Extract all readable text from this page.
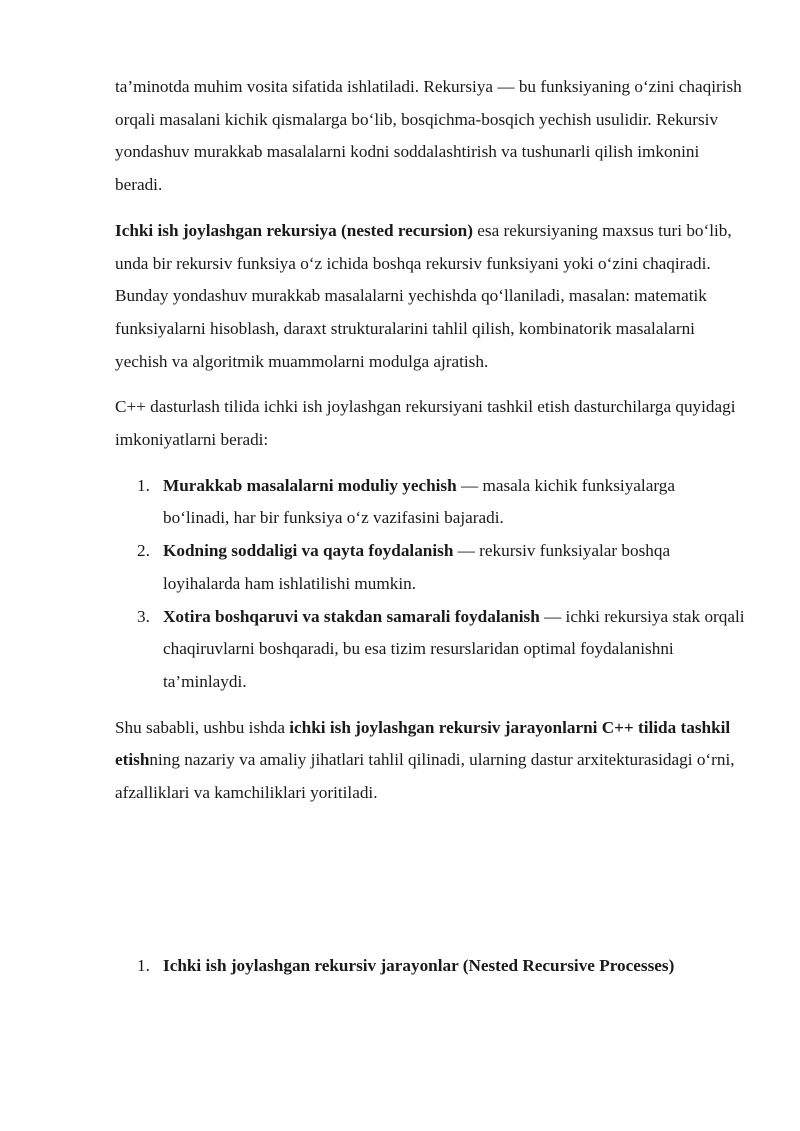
ta’minotda muhim vosita sifatida ishlatiladi. Rekursiya — bu funksiyaning o‘zini chaqirish orqali masalani kichik qismalarga bo‘lib, bosqichma-bosqich yechish usulidir. Rekursiv yondashuv murakkab masalalarni kodni soddalashtirish va tushunarli qilish imkonini beradi.

Ichki ish joylashgan rekursiya (nested recursion) esa rekursiyaning maxsus turi bo‘lib, unda bir rekursiv funksiya o‘z ichida boshqa rekursiv funksiyani yoki o‘zini chaqiradi. Bunday yondashuv murakkab masalalarni yechishda qo‘llaniladi, masalan: matematik funksiyalarni hisoblash, daraxt strukturalarini tahlil qilish, kombinatorik masalalarni yechish va algoritmik muammolarni modulga ajratish.

C++ dasturlash tilida ichki ish joylashgan rekursiyani tashkil etish dasturchilarga quyidagi imkoniyatlarni beradi:

1. Murakkab masalalarni moduliy yechish — masala kichik funksiyalarga bo‘linadi, har bir funksiya o‘z vazifasini bajaradi.
2. Kodning soddaligi va qayta foydalanish — rekursiv funksiyalar boshqa loyihalarda ham ishlatilishi mumkin.
3. Xotira boshqaruvi va stakdan samarali foydalanish — ichki rekursiya stak orqali chaqiruvlarni boshqaradi, bu esa tizim resurslaridan optimal foydalanishni ta’minlaydi.

Shu sababli, ushbu ishda ichki ish joylashgan rekursiv jarayonlarni C++ tilida tashkil etishning nazariy va amaliy jihatlari tahlil qilinadi, ularning dastur arxitekturasidagi o‘rni, afzalliklari va kamchiliklari yoritiladi.

1. Ichki ish joylashgan rekursiv jarayonlar (Nested Recursive Processes)
